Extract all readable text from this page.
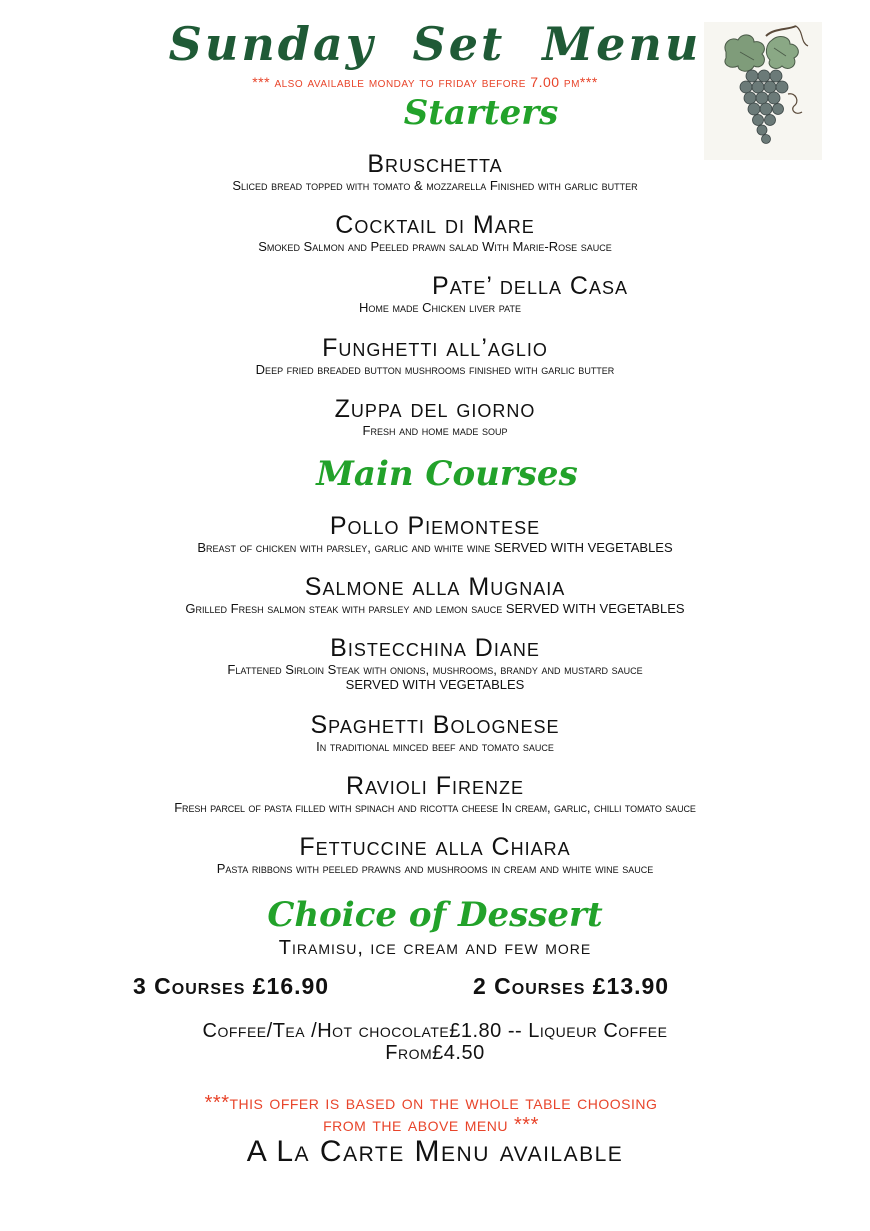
Sunday Set Menu
*** also available monday to friday before 7.00 pm***
Starters
Bruschetta
Sliced bread topped with tomato & mozzarella Finished with garlic butter
Cocktail di Mare
Smoked Salmon and Peeled prawn salad With Marie-Rose sauce
Pate’ della Casa
Home made Chicken liver pate
Funghetti all’aglio
Deep fried breaded button mushrooms finished with garlic butter
Zuppa del giorno
Fresh and home made soup
Main Courses
Pollo Piemontese
Breast of chicken with parsley, garlic and white wine SERVED WITH VEGETABLES
Salmone alla Mugnaia
Grilled Fresh salmon steak with parsley and lemon sauce SERVED WITH VEGETABLES
Bistecchina Diane
Flattened Sirloin Steak with onions, mushrooms, brandy and mustard sauce
SERVED WITH VEGETABLES
Spaghetti Bolognese
In traditional minced beef and tomato sauce
Ravioli Firenze
Fresh parcel of pasta filled with spinach and ricotta cheese In cream, garlic, chilli tomato sauce
Fettuccine alla Chiara
Pasta ribbons with peeled prawns and mushrooms in cream and white wine sauce
Choice of Dessert
Tiramisu, ice cream and few more
3 Courses £16.90	2 Courses £13.90
Coffee/Tea /Hot chocolate£1.80 -- Liqueur Coffee
From£4.50
***this offer is based on the whole table choosing
from the above menu ***
A La Carte Menu available
